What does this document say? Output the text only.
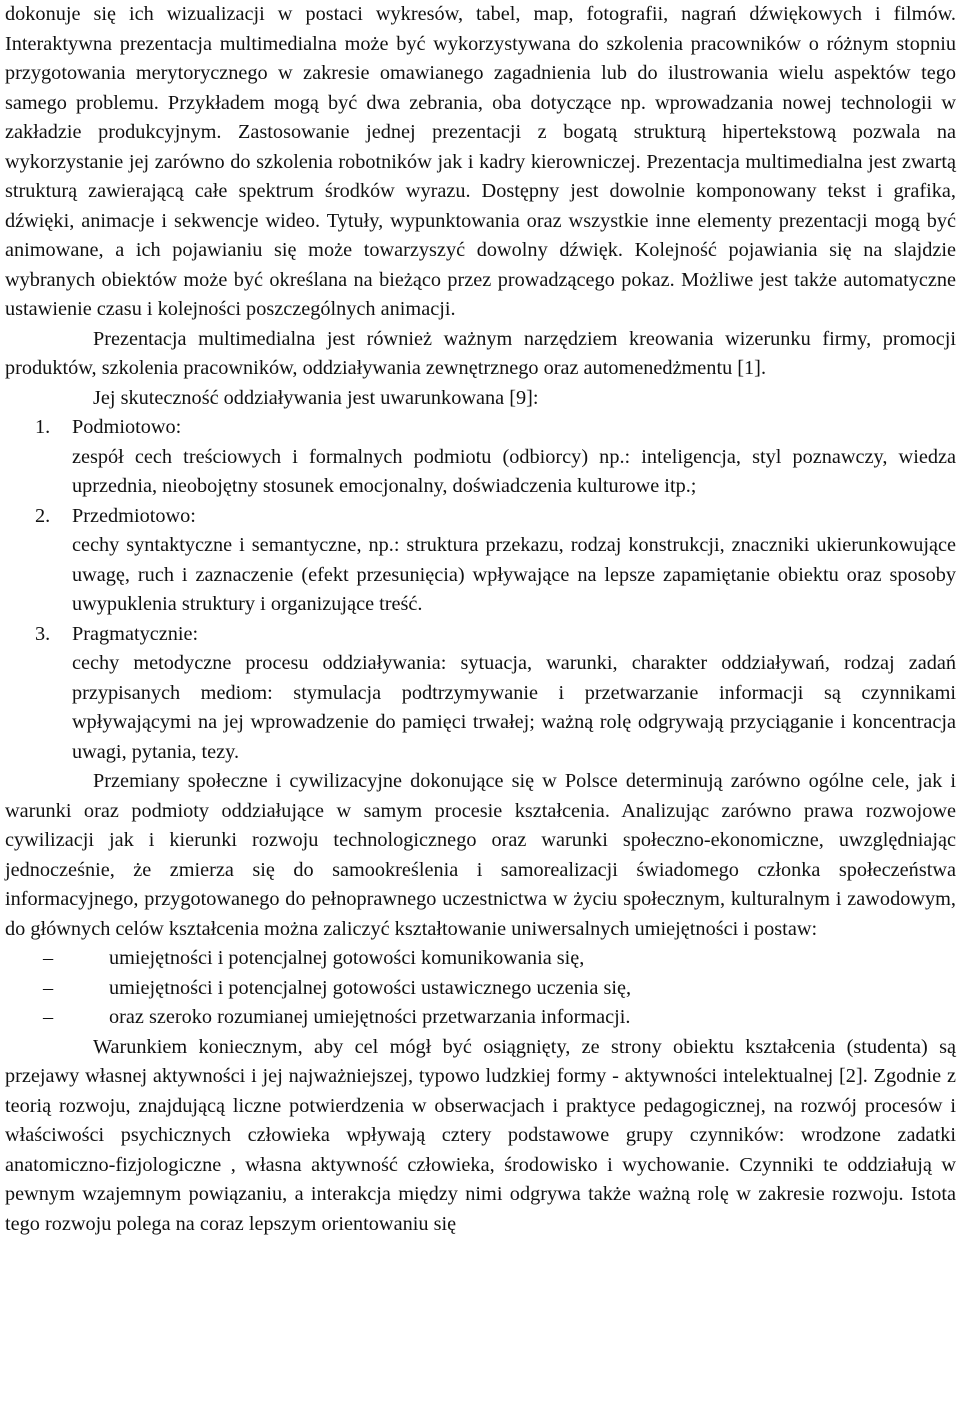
dokonuje się ich wizualizacji w postaci wykresów, tabel, map, fotografii, nagrań dźwiękowych i filmów. Interaktywna prezentacja multimedialna może być wykorzystywana do szkolenia pracowników o różnym stopniu przygotowania merytorycznego w zakresie omawianego zagadnienia lub do ilustrowania wielu aspektów tego samego problemu. Przykładem mogą być dwa zebrania, oba dotyczące np. wprowadzania nowej technologii w zakładzie produkcyjnym. Zastosowanie jednej prezentacji z bogatą strukturą hipertekstową pozwala na wykorzystanie jej zarówno do szkolenia robotników jak i kadry kierowniczej. Prezentacja multimedialna jest zwartą strukturą zawierającą całe spektrum środków wyrazu. Dostępny jest dowolnie komponowany tekst i grafika, dźwięki, animacje i sekwencje wideo. Tytuły, wypunktowania oraz wszystkie inne elementy prezentacji mogą być animowane, a ich pojawianiu się może towarzyszyć dowolny dźwięk. Kolejność pojawiania się na slajdzie wybranych obiektów może być określana na bieżąco przez prowadzącego pokaz. Możliwe jest także automatyczne ustawienie czasu i kolejności poszczególnych animacji.

Prezentacja multimedialna jest również ważnym narzędziem kreowania wizerunku firmy, promocji produktów, szkolenia pracowników, oddziaływania zewnętrznego oraz automenedżmentu [1].

Jej skuteczność oddziaływania jest uwarunkowana [9]:

1. Podmiotowo:
zespół cech treściowych i formalnych podmiotu (odbiorcy) np.: inteligencja, styl poznawczy, wiedza uprzednia, nieobojętny stosunek emocjonalny, doświadczenia kulturowe itp.;
2. Przedmiotowo:
cechy syntaktyczne i semantyczne, np.: struktura przekazu, rodzaj konstrukcji, znaczniki ukierunkowujące uwagę, ruch i zaznaczenie (efekt przesunięcia) wpływające na lepsze zapamiętanie obiektu oraz sposoby uwypuklenia struktury i organizujące treść.
3. Pragmatycznie:
cechy metodyczne procesu oddziaływania: sytuacja, warunki, charakter oddziaływań, rodzaj zadań przypisanych mediom: stymulacja podtrzymywanie i przetwarzanie informacji są czynnikami wpływającymi na jej wprowadzenie do pamięci trwałej; ważną rolę odgrywają przyciąganie i koncentracja uwagi, pytania, tezy.

Przemiany społeczne i cywilizacyjne dokonujące się w Polsce determinują zarówno ogólne cele, jak i warunki oraz podmioty oddziałujące w samym procesie kształcenia. Analizując zarówno prawa rozwojowe cywilizacji jak i kierunki rozwoju technologicznego oraz warunki społeczno-ekonomiczne, uwzględniając jednocześnie, że zmierza się do samookreślenia i samorealizacji świadomego członka społeczeństwa informacyjnego, przygotowanego do pełnoprawnego uczestnictwa w życiu społecznym, kulturalnym i zawodowym, do głównych celów kształcenia można zaliczyć kształtowanie uniwersalnych umiejętności i postaw:

–	umiejętności i potencjalnej gotowości komunikowania się,
–	umiejętności i potencjalnej gotowości ustawicznego uczenia się,
–	oraz szeroko rozumianej umiejętności przetwarzania informacji.

Warunkiem koniecznym, aby cel mógł być osiągnięty, ze strony obiektu kształcenia (studenta) są przejawy własnej aktywności i jej najważniejszej, typowo ludzkiej formy - aktywności intelektualnej [2]. Zgodnie z teorią rozwoju, znajdującą liczne potwierdzenia w obserwacjach i praktyce pedagogicznej, na rozwój procesów i właściwości psychicznych człowieka wpływają cztery podstawowe grupy czynników: wrodzone zadatki anatomiczno-fizjologiczne , własna aktywność człowieka, środowisko i wychowanie. Czynniki te oddziałują w pewnym wzajemnym powiązaniu, a interakcja między nimi odgrywa także ważną rolę w zakresie rozwoju. Istota tego rozwoju polega na coraz lepszym orientowaniu się
